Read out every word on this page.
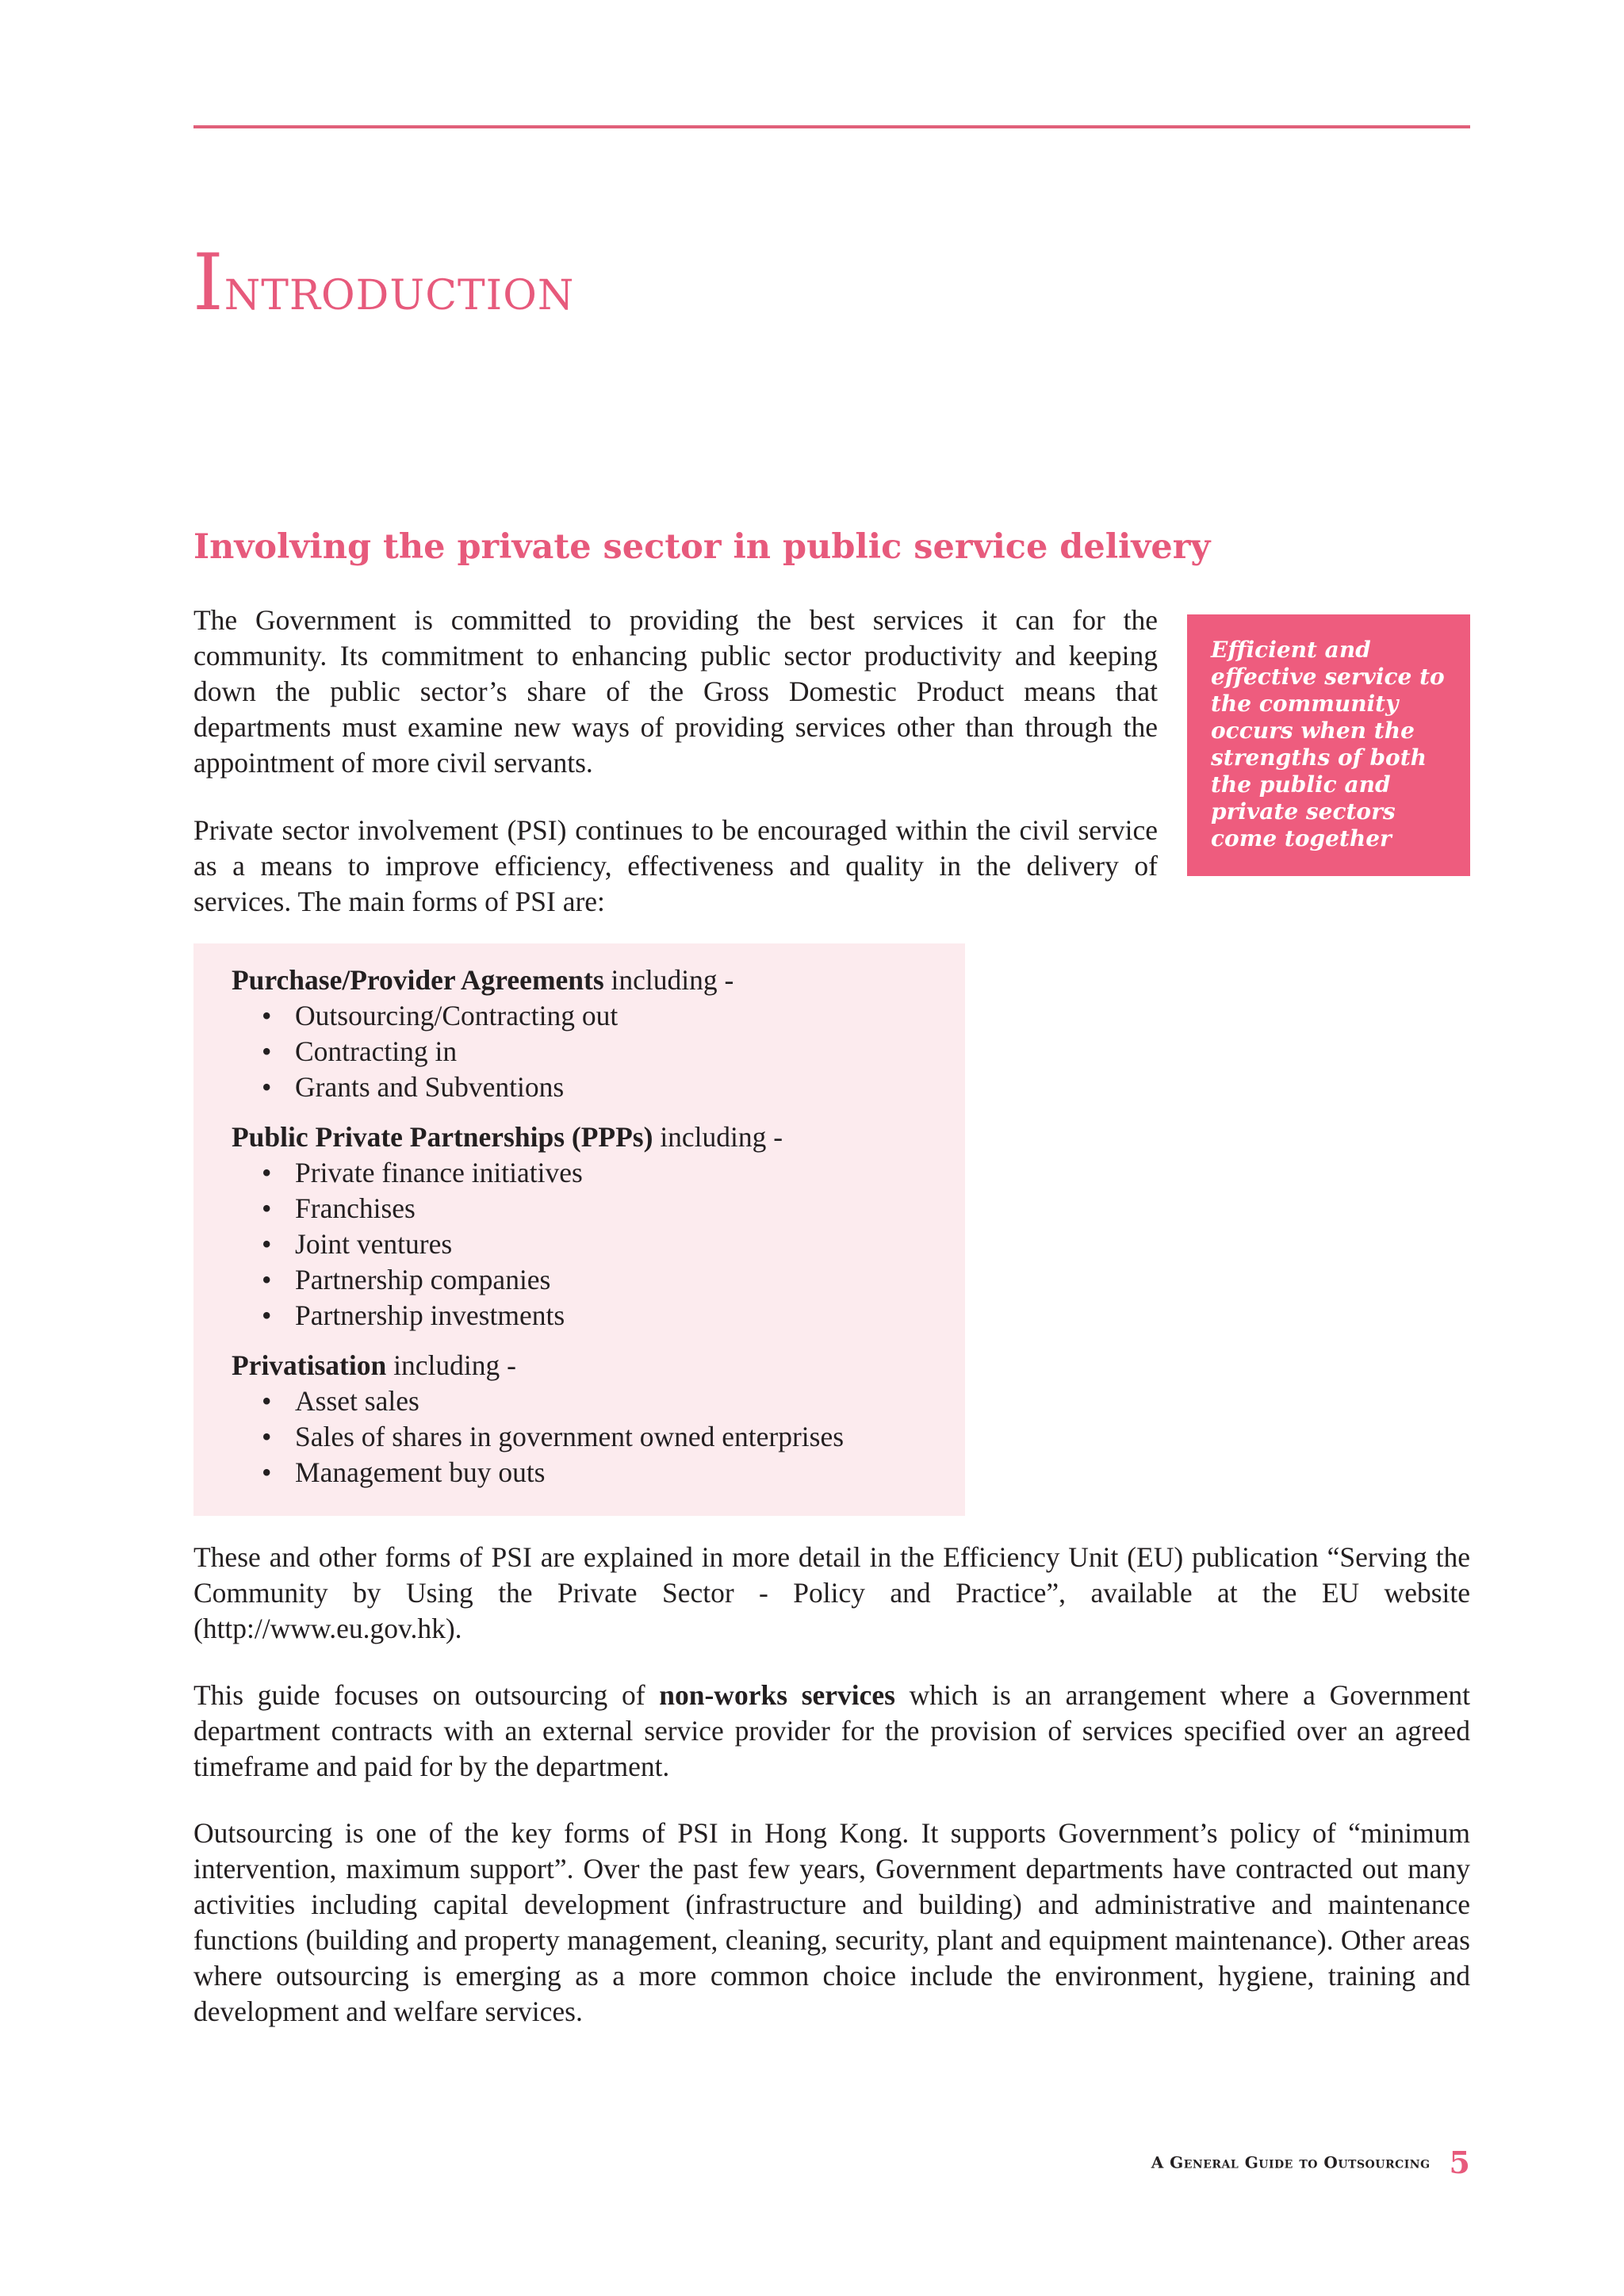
Introduction
Involving the private sector in public service delivery

The Government is committed to providing the best services it can for the community. Its commitment to enhancing public sector productivity and keeping down the public sector’s share of the Gross Domestic Product means that departments must examine new ways of providing services other than through the appointment of more civil servants.

Private sector involvement (PSI) continues to be encouraged within the civil service as a means to improve efficiency, effectiveness and quality in the delivery of services. The main forms of PSI are:

Efficient and effective service to the community occurs when the strengths of both the public and private sectors come together

Purchase/Provider Agreements including -
• Outsourcing/Contracting out
• Contracting in
• Grants and Subventions
Public Private Partnerships (PPPs) including -
• Private finance initiatives
• Franchises
• Joint ventures
• Partnership companies
• Partnership investments
Privatisation including -
• Asset sales
• Sales of shares in government owned enterprises
• Management buy outs

These and other forms of PSI are explained in more detail in the Efficiency Unit (EU) publication “Serving the Community by Using the Private Sector - Policy and Practice”, available at the EU website (http://www.eu.gov.hk).

This guide focuses on outsourcing of non-works services which is an arrangement where a Government department contracts with an external service provider for the provision of services specified over an agreed timeframe and paid for by the department.

Outsourcing is one of the key forms of PSI in Hong Kong. It supports Government’s policy of “minimum intervention, maximum support”. Over the past few years, Government departments have contracted out many activities including capital development (infrastructure and building) and administrative and maintenance functions (building and property management, cleaning, security, plant and equipment maintenance). Other areas where outsourcing is emerging as a more common choice include the environment, hygiene, training and development and welfare services.

A General Guide to Outsourcing 5
